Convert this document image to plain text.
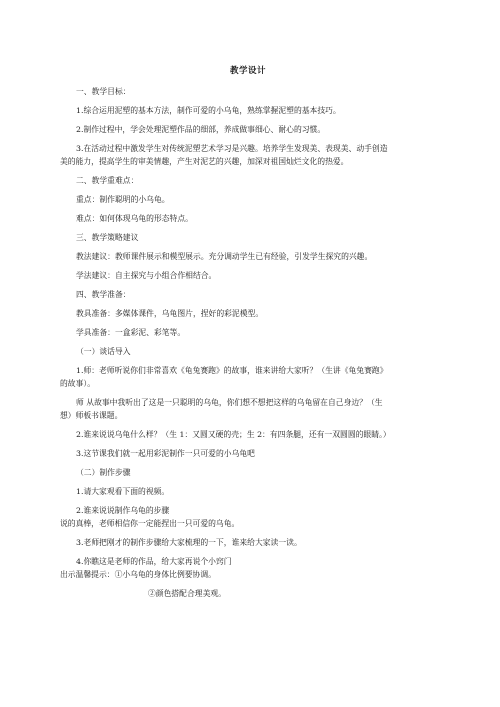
教学设计
一、教学目标：
1.综合运用泥塑的基本方法，制作可爱的小乌龟，熟练掌握泥塑的基本技巧。
2.制作过程中，学会处理泥塑作品的细部，养成做事细心、耐心的习惯。
3.在活动过程中激发学生对传统泥塑艺术学习是兴趣。培养学生发现美、表现美、动手创造
美的能力，提高学生的审美情趣，产生对泥艺的兴趣，加深对祖国灿烂文化的热爱。
二、教学重难点：
重点：制作聪明的小乌龟。
难点：如何体现乌龟的形态特点。
三、教学策略建议
教法建议：教师课件展示和模型展示。充分调动学生已有经验，引发学生探究的兴趣。
学法建议：自主探究与小组合作相结合。
四、教学准备：
教具准备：多媒体课件，乌龟图片，捏好的彩泥模型。
学具准备：一盒彩泥、彩笔等。
（一）谈话导入
1.师：老师听说你们非常喜欢《龟兔赛跑》的故事，谁来讲给大家听？（生讲《龟兔赛跑》
的故事）。
师 从故事中我听出了这是一只聪明的乌龟，你们想不想把这样的乌龟留在自己身边？（生
想）师板书课题。
2.谁来说说乌龟什么样？（生 1：又圆又硬的壳；生 2：有四条腿，还有一双圆圆的眼睛。）
3.这节课我们就一起用彩泥制作一只可爱的小乌龟吧
（二）制作步骤
1.请大家观看下面的视频。
2.谁来说说制作乌龟的步骤
说的真棒，老师相信你一定能捏出一只可爱的乌龟。
3.老师把刚才的制作步骤给大家梳理的一下，谁来给大家读一读。
4.你瞧这是老师的作品，给大家再说个小窍门
出示温馨提示：①小乌龟的身体比例要协调。
②颜色搭配合理美观。
